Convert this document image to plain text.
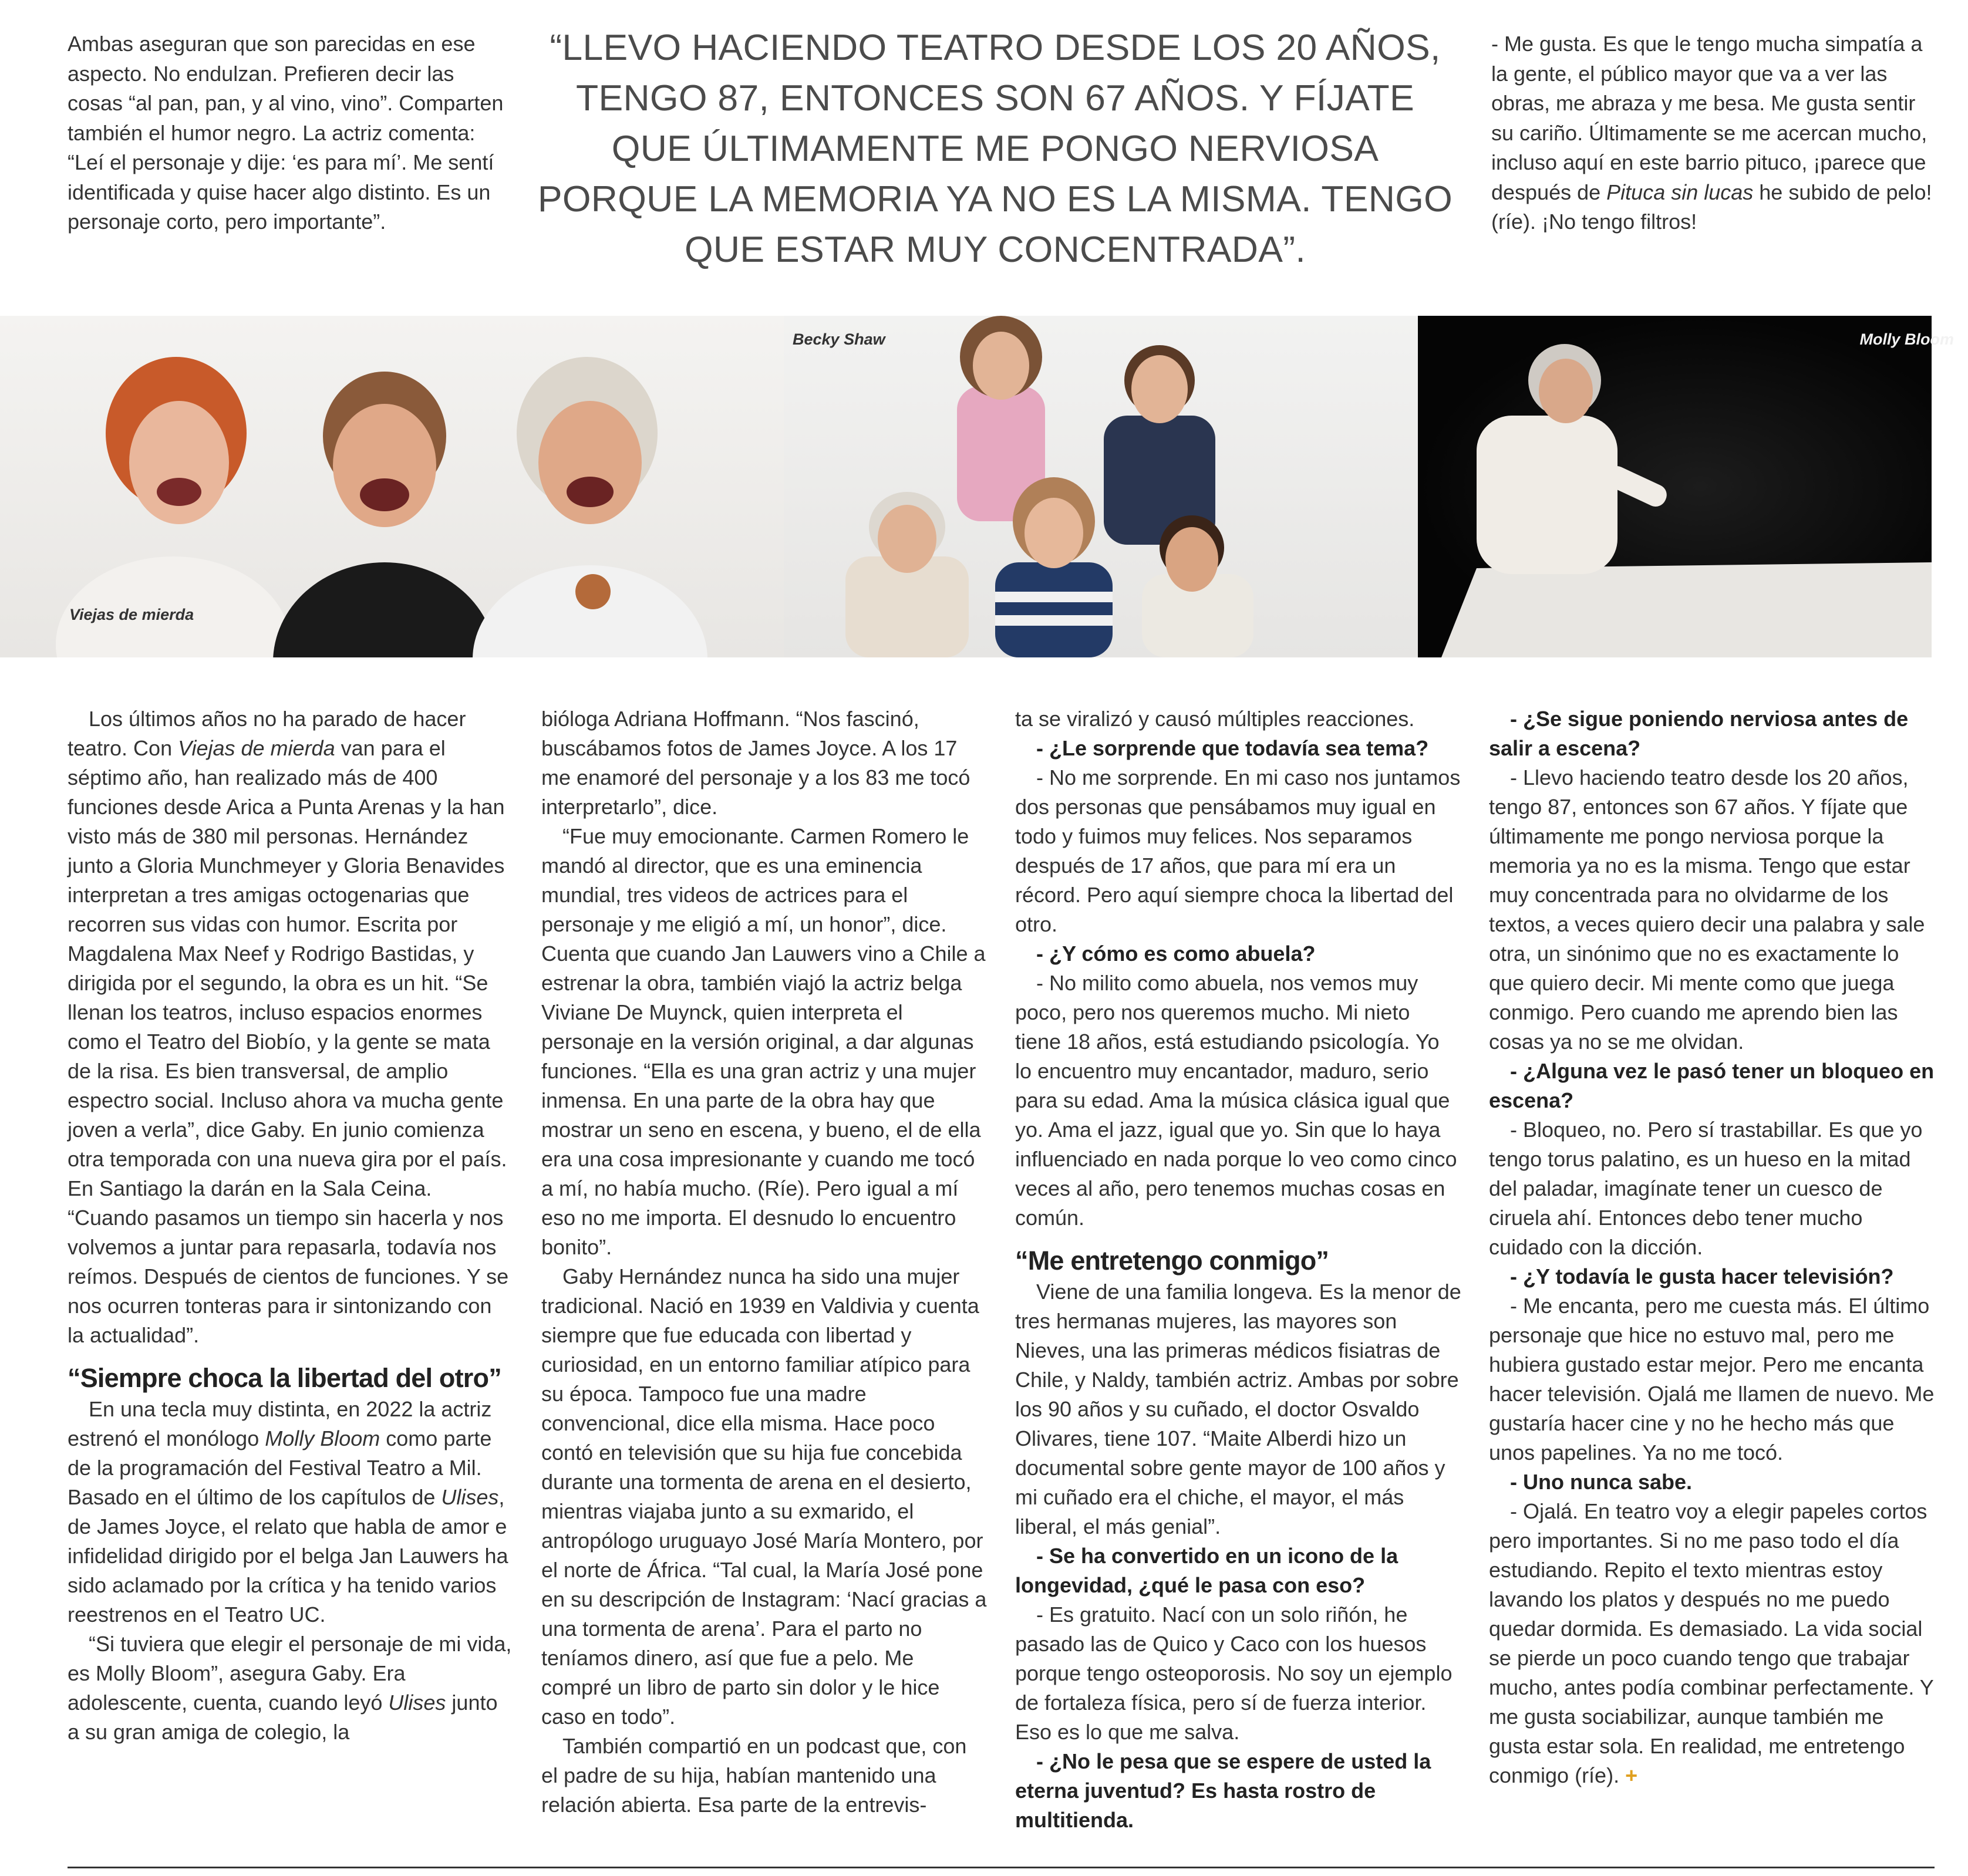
Ambas aseguran que son parecidas en ese aspecto. No endulzan. Prefieren decir las cosas “al pan, pan, y al vino, vino”. Comparten también el humor negro. La actriz comenta: “Leí el personaje y dije: ‘es para mí’. Me sentí identificada y quise hacer algo distinto. Es un personaje corto, pero importante”.

“LLEVO HACIENDO TEATRO DESDE LOS 20 AÑOS, TENGO 87, ENTONCES SON 67 AÑOS. Y FÍJATE QUE ÚLTIMAMENTE ME PONGO NERVIOSA PORQUE LA MEMORIA YA NO ES LA MISMA. TENGO QUE ESTAR MUY CONCENTRADA”.

- Me gusta. Es que le tengo mucha simpatía a la gente, el público mayor que va a ver las obras, me abraza y me besa. Me gusta sentir su cariño. Últimamente se me acercan mucho, incluso aquí en este barrio pituco, ¡parece que después de Pituca sin lucas he subido de pelo! (ríe). ¡No tengo filtros!

Viejas de mierda
Becky Shaw	Molly Bloom

Los últimos años no ha parado de hacer teatro. Con Viejas de mierda van para el séptimo año, han realizado más de 400 funciones desde Arica a Punta Arenas y la han visto más de 380 mil personas. Hernández junto a Gloria Munchmeyer y Gloria Benavides interpretan a tres amigas octogenarias que recorren sus vidas con humor. Escrita por Magdalena Max Neef y Rodrigo Bastidas, y dirigida por el segundo, la obra es un hit. “Se llenan los teatros, incluso espacios enormes como el Teatro del Biobío, y la gente se mata de la risa. Es bien transversal, de amplio espectro social. Incluso ahora va mucha gente joven a verla”, dice Gaby. En junio comienza otra temporada con una nueva gira por el país. En Santiago la darán en la Sala Ceina. “Cuando pasamos un tiempo sin hacerla y nos volvemos a juntar para repasarla, todavía nos reímos. Después de cientos de funciones. Y se nos ocurren tonteras para ir sintonizando con la actualidad”.

“Siempre choca la libertad del otro”

En una tecla muy distinta, en 2022 la actriz estrenó el monólogo Molly Bloom como parte de la programación del Festival Teatro a Mil. Basado en el último de los capítulos de Ulises, de James Joyce, el relato que habla de amor e infidelidad dirigido por el belga Jan Lauwers ha sido aclamado por la crítica y ha tenido varios reestrenos en el Teatro UC.

“Si tuviera que elegir el personaje de mi vida, es Molly Bloom”, asegura Gaby. Era adolescente, cuenta, cuando leyó Ulises junto a su gran amiga de colegio, la

bióloga Adriana Hoffmann. “Nos fascinó, buscábamos fotos de James Joyce. A los 17 me enamoré del personaje y a los 83 me tocó interpretarlo”, dice.

“Fue muy emocionante. Carmen Romero le mandó al director, que es una eminencia mundial, tres videos de actrices para el personaje y me eligió a mí, un honor”, dice. Cuenta que cuando Jan Lauwers vino a Chile a estrenar la obra, también viajó la actriz belga Viviane De Muynck, quien interpreta el personaje en la versión original, a dar algunas funciones. “Ella es una gran actriz y una mujer inmensa. En una parte de la obra hay que mostrar un seno en escena, y bueno, el de ella era una cosa impresionante y cuando me tocó a mí, no había mucho. (Ríe). Pero igual a mí eso no me importa. El desnudo lo encuentro bonito”.

Gaby Hernández nunca ha sido una mujer tradicional. Nació en 1939 en Valdivia y cuenta siempre que fue educada con libertad y curiosidad, en un entorno familiar atípico para su época. Tampoco fue una madre convencional, dice ella misma. Hace poco contó en televisión que su hija fue concebida durante una tormenta de arena en el desierto, mientras viajaba junto a su exmarido, el antropólogo uruguayo José María Montero, por el norte de África. “Tal cual, la María José pone en su descripción de Instagram: ‘Nací gracias a una tormenta de arena’. Para el parto no teníamos dinero, así que fue a pelo. Me compré un libro de parto sin dolor y le hice caso en todo”.

También compartió en un podcast que, con el padre de su hija, habían mantenido una relación abierta. Esa parte de la entrevis-

ta se viralizó y causó múltiples reacciones.

- ¿Le sorprende que todavía sea tema?

- No me sorprende. En mi caso nos juntamos dos personas que pensábamos muy igual en todo y fuimos muy felices. Nos separamos después de 17 años, que para mí era un récord. Pero aquí siempre choca la libertad del otro.

- ¿Y cómo es como abuela?

- No milito como abuela, nos vemos muy poco, pero nos queremos mucho. Mi nieto tiene 18 años, está estudiando psicología. Yo lo encuentro muy encantador, maduro, serio para su edad. Ama la música clásica igual que yo. Ama el jazz, igual que yo. Sin que lo haya influenciado en nada porque lo veo como cinco veces al año, pero tenemos muchas cosas en común.

“Me entretengo conmigo”

Viene de una familia longeva. Es la menor de tres hermanas mujeres, las mayores son Nieves, una las primeras médicos fisiatras de Chile, y Naldy, también actriz. Ambas por sobre los 90 años y su cuñado, el doctor Osvaldo Olivares, tiene 107. “Maite Alberdi hizo un documental sobre gente mayor de 100 años y mi cuñado era el chiche, el mayor, el más liberal, el más genial”.

- Se ha convertido en un icono de la longevidad, ¿qué le pasa con eso?

- Es gratuito. Nací con un solo riñón, he pasado las de Quico y Caco con los huesos porque tengo osteoporosis. No soy un ejemplo de fortaleza física, pero sí de fuerza interior. Eso es lo que me salva.

- ¿No le pesa que se espere de usted la eterna juventud? Es hasta rostro de multitienda.

- ¿Se sigue poniendo nerviosa antes de salir a escena?

- Llevo haciendo teatro desde los 20 años, tengo 87, entonces son 67 años. Y fíjate que últimamente me pongo nerviosa porque la memoria ya no es la misma. Tengo que estar muy concentrada para no olvidarme de los textos, a veces quiero decir una palabra y sale otra, un sinónimo que no es exactamente lo que quiero decir. Mi mente como que juega conmigo. Pero cuando me aprendo bien las cosas ya no se me olvidan.

- ¿Alguna vez le pasó tener un bloqueo en escena?

- Bloqueo, no. Pero sí trastabillar. Es que yo tengo torus palatino, es un hueso en la mitad del paladar, imagínate tener un cuesco de ciruela ahí. Entonces debo tener mucho cuidado con la dicción.

- ¿Y todavía le gusta hacer televisión?

- Me encanta, pero me cuesta más. El último personaje que hice no estuvo mal, pero me hubiera gustado estar mejor. Pero me encanta hacer televisión. Ojalá me llamen de nuevo. Me gustaría hacer cine y no he hecho más que unos papelines. Ya no me tocó.

- Uno nunca sabe.

- Ojalá. En teatro voy a elegir papeles cortos pero importantes. Si no me paso todo el día estudiando. Repito el texto mientras estoy lavando los platos y después no me puedo quedar dormida. Es demasiado. La vida social se pierde un poco cuando tengo que trabajar mucho, antes podía combinar perfectamente. Y me gusta sociabilizar, aunque también me gusta estar sola. En realidad, me entretengo conmigo (ríe). +
